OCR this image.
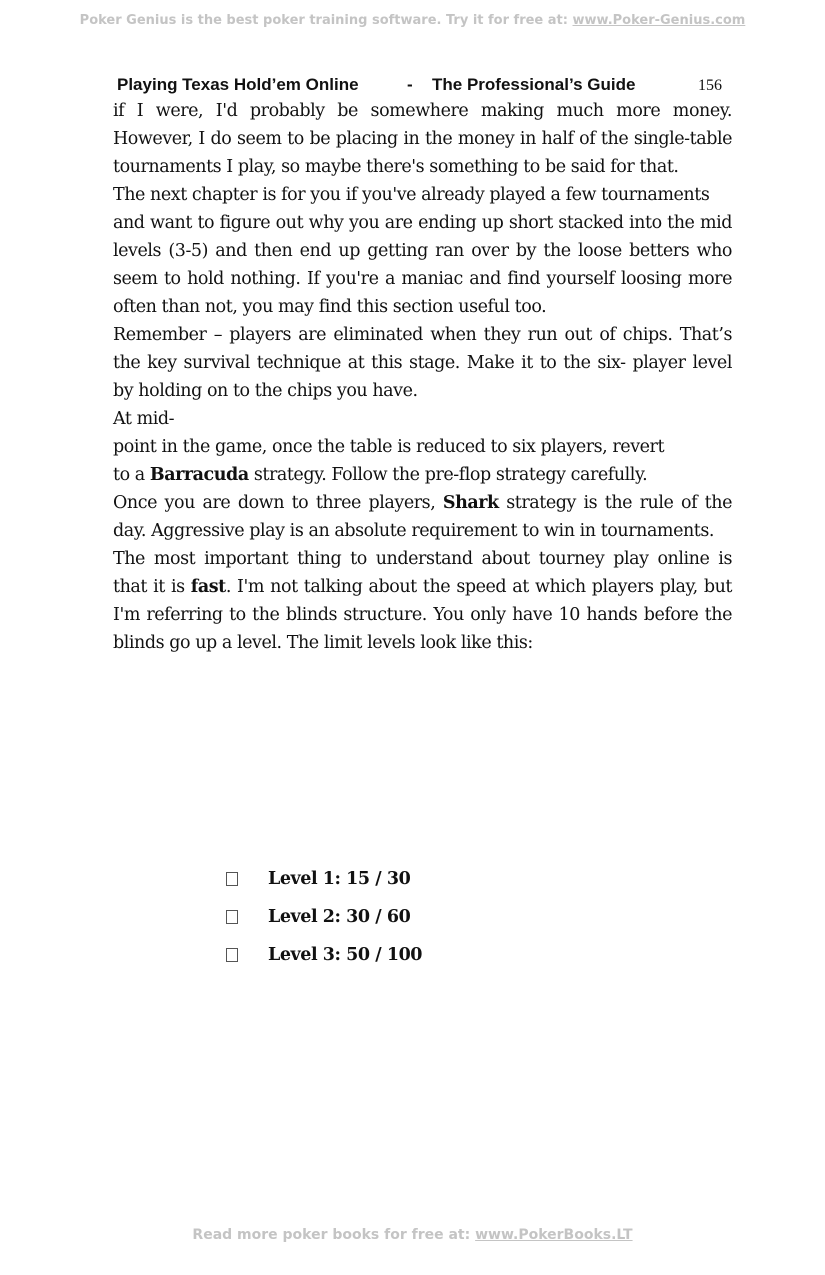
Poker Genius is the best poker training software. Try it for free at: www.Poker-Genius.com
Playing Texas Hold’em Online	- The Professional’s Guide	156

if I were, I'd probably be somewhere making much more money. However, I do seem to be placing in the money in half of the single-table tournaments I play, so maybe there's something to be said for that.

The next chapter is for you if you've already played a few tournaments

and want to figure out why you are ending up short stacked into the mid levels (3-5) and then end up getting ran over by the loose betters who seem to hold nothing. If you're a maniac and find yourself loosing more often than not, you may find this section useful too.

Remember – players are eliminated when they run out of chips. That’s the key survival technique at this stage. Make it to the six- player level by holding on to the chips you have.

At mid-

point in the game, once the table is reduced to six players, revert

to a Barracuda strategy. Follow the pre-flop strategy carefully.

Once you are down to three players, Shark strategy is the rule of the day. Aggressive play is an absolute requirement to win in tournaments.

The most important thing to understand about tourney play online is that it is fast. I'm not talking about the speed at which players play, but I'm referring to the blinds structure. You only have 10 hands before the blinds go up a level. The limit levels look like this:

Level 1: 15 / 30
Level 2: 30 / 60
Level 3: 50 / 100
Read more poker books for free at: www.PokerBooks.LT
